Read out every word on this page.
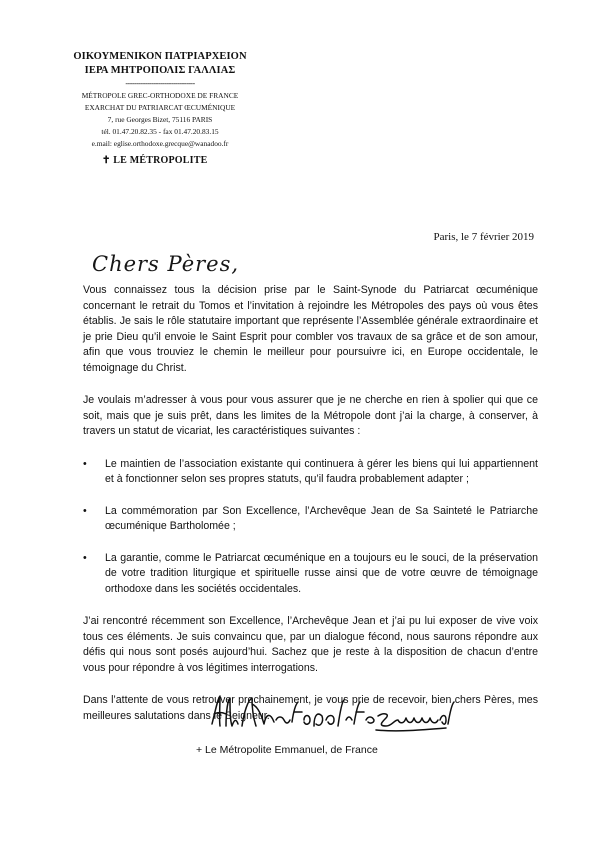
ΟΙΚΟΥΜΕΝΙΚΟΝ ΠΑΤΡΙΑΡΧΕΙΟΝ
ΙΕΡΑ ΜΗΤΡΟΠΟΛΙΣ ΓΑΛΛΙΑΣ
--------------------------------
MÉTROPOLE GREC-ORTHODOXE DE FRANCE
EXARCHAT DU PATRIARCAT ŒCUMÉNIQUE
7, rue Georges Bizet, 75116 PARIS
tél. 01.47.20.82.35 - fax 01.47.20.83.15
e.mail: eglise.orthodoxe.grecque@wanadoo.fr
✝ LE MÉTROPOLITE
Paris, le 7 février 2019
Chers Pères,

Vous connaissez tous la décision prise par le Saint-Synode du Patriarcat œcuménique concernant le retrait du Tomos et l’invitation à rejoindre les Métropoles des pays où vous êtes établis. Je sais le rôle statutaire important que représente l’Assemblée générale extraordinaire et je prie Dieu qu’il envoie le Saint Esprit pour combler vos travaux de sa grâce et de son amour, afin que vous trouviez le chemin le meilleur pour poursuivre ici, en Europe occidentale, le témoignage du Christ.

Je voulais m’adresser à vous pour vous assurer que je ne cherche en rien à spolier qui que ce soit, mais que je suis prêt, dans les limites de la Métropole dont j’ai la charge, à conserver, à travers un statut de vicariat, les caractéristiques suivantes :

•	Le maintien de l’association existante qui continuera à gérer les biens qui lui appartiennent et à fonctionner selon ses propres statuts, qu’il faudra probablement adapter ;
•	La commémoration par Son Excellence, l’Archevêque Jean de Sa Sainteté le Patriarche œcuménique Bartholomée ;
•	La garantie, comme le Patriarcat œcuménique en a toujours eu le souci, de la préservation de votre tradition liturgique et spirituelle russe ainsi que de votre œuvre de témoignage orthodoxe dans les sociétés occidentales.

J’ai rencontré récemment son Excellence, l’Archevêque Jean et j’ai pu lui exposer de vive voix tous ces éléments. Je suis convaincu que, par un dialogue fécond, nous saurons répondre aux défis qui nous sont posés aujourd’hui. Sachez que je reste à la disposition de chacun d’entre vous pour répondre à vos légitimes interrogations.

Dans l’attente de vous retrouver prochainement, je vous prie de recevoir, bien chers Pères, mes meilleures salutations dans le Seigneur.

+ Le Métropolite Emmanuel, de France
